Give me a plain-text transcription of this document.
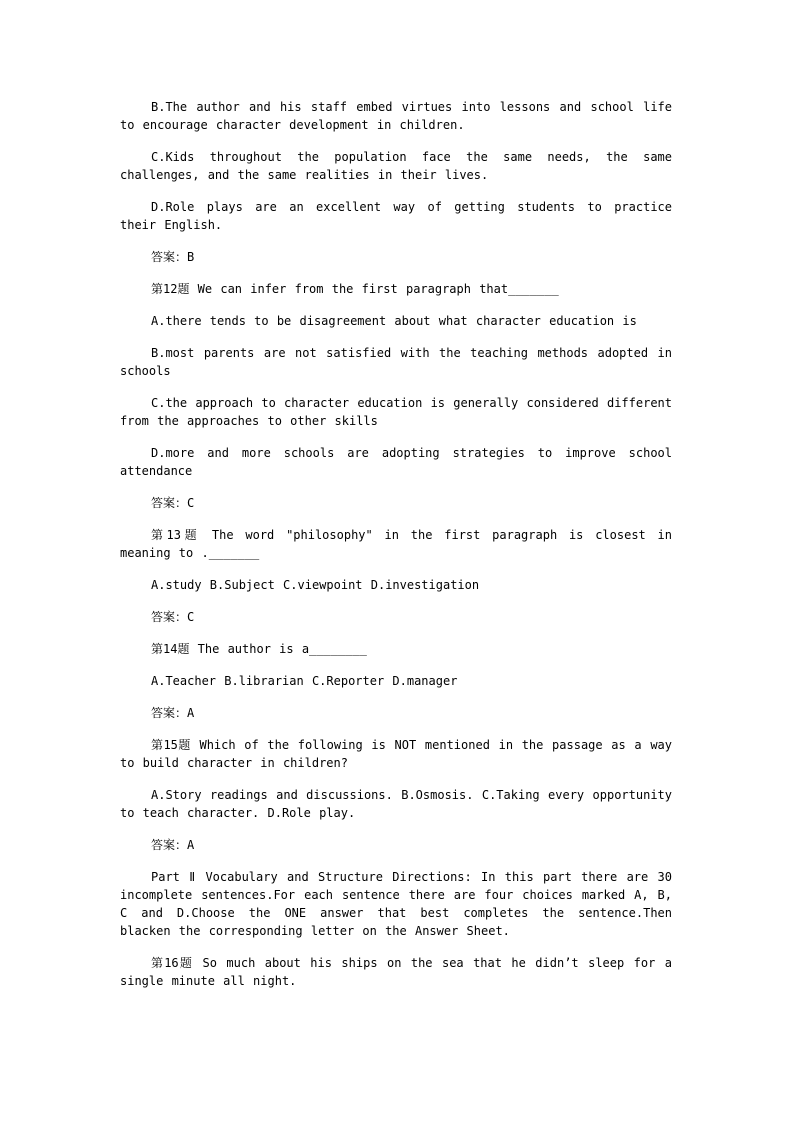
B.The author and his staff embed virtues into lessons and school life to encourage character development in children.

C.Kids throughout the population face the same needs, the same challenges, and the same realities in their lives.

D.Role plays are an excellent way of getting students to practice their English.

答案：B

第12题 We can infer from the first paragraph that_______

A.there tends to be disagreement about what character education is

B.most parents are not satisfied with the teaching methods adopted in schools

C.the approach to character education is generally considered different from the approaches to other skills

D.more and more schools are adopting strategies to improve school attendance

答案：C

第13题 The word "philosophy" in the first paragraph is closest in meaning to ._______

A.study B.Subject C.viewpoint D.investigation

答案：C

第14题 The author is a________

A.Teacher B.librarian C.Reporter D.manager

答案：A

第15题 Which of the following is NOT mentioned in the passage as a way to build character in children?

A.Story readings and discussions. B.Osmosis. C.Taking every opportunity to teach character. D.Role play.

答案：A

Part Ⅱ Vocabulary and Structure Directions: In this part there are 30 incomplete sentences.For each sentence there are four choices marked A, B, C and D.Choose the ONE answer that best completes the sentence.Then blacken the corresponding letter on the Answer Sheet.

第16题 So much about his ships on the sea that he didn’t sleep for a single minute all night.
